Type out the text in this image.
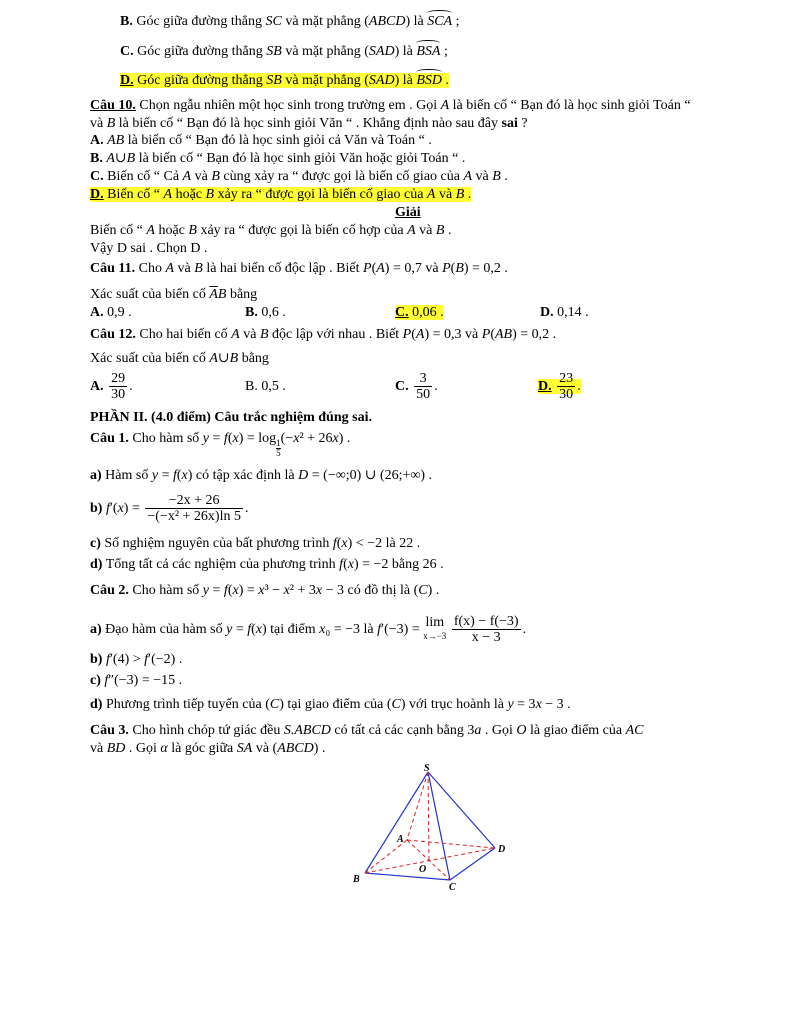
B. Góc giữa đường thẳng SC và mặt phẳng (ABCD) là SCA ;
C. Góc giữa đường thẳng SB và mặt phẳng (SAD) là BSA ;
D. Góc giữa đường thẳng SB và mặt phẳng (SAD) là BSD .
Câu 10. Chọn ngẫu nhiên một học sinh trong trường em . Gọi A là biến cố “ Bạn đó là học sinh giỏi Toán “
và B là biến cố “ Bạn đó là học sinh giỏi Văn “ . Khẳng định nào sau đây sai ?
A. AB là biến cố “ Bạn đó là học sinh giỏi cả Văn và Toán “ .
B. A∪B là biến cố “ Bạn đó là học sinh giỏi Văn hoặc giỏi Toán “ .
C. Biến cố “ Cả A và B cùng xảy ra “ được gọi là biến cố giao của A và B .
D. Biến cố “ A hoặc B xảy ra “ được gọi là biến cố giao của A và B .
Giải
Biến cố “ A hoặc B xảy ra “ được gọi là biến cố hợp của A và B .
Vậy D sai . Chọn D .
Câu 11. Cho A và B là hai biến cố độc lập . Biết P(A) = 0,7 và P(B) = 0,2 .
Xác suất của biến cố $\overline{A}B$ bằng
A. 0,9 .	B. 0,6 .	C. 0,06 .	D. 0,14 .
Câu 12. Cho hai biến cố A và B độc lập với nhau . Biết P(A) = 0,3 và P(AB) = 0,2 .
Xác suất của biến cố A∪B bằng
A. $\frac{29}{30}$ .	B. 0,5 .	C. $\frac{3}{50}$ .	D. $\frac{23}{30}$ .
PHẦN II. (4.0 điểm) Câu trắc nghiệm đúng sai.
Câu 1. Cho hàm số y = f(x) = log
$\frac{1}{5}$
(−x² + 26x) .
a) Hàm số y = f(x) có tập xác định là D = (−∞;0) ∪ (26;+∞) .
b) $f'(x) = \frac{-2x + 26}{\text{−(−x² + 26x)ln 5}}$ .
c) Số nghiệm nguyên của bất phương trình f(x) < −2 là 22 .
d) Tổng tất cả các nghiệm của phương trình f(x) = −2 bằng 26 .
Câu 2. Cho hàm số y = f(x) = x³ − x² + 3x − 3 có đồ thị là (C) .
a) Đạo hàm của hàm số y = f(x) tại điểm x₀ = −3 là f′(−3) = lim
$x\to-3 \frac{f(x) - f(-3)}{x - 3}$ .
b) f′(4) > f′(−2) .
c) f″(−3) = −15 .
d) Phương trình tiếp tuyến của (C) tại giao điểm của (C) với trục hoành là y = 3x − 3 .
Câu 3. Cho hình chóp tứ giác đều S.ABCD có tất cả các cạnh bằng 3a . Gọi O là giao điểm của AC
và BD . Gọi α là góc giữa SA và (ABCD) .
S
A
B
C
D
O
